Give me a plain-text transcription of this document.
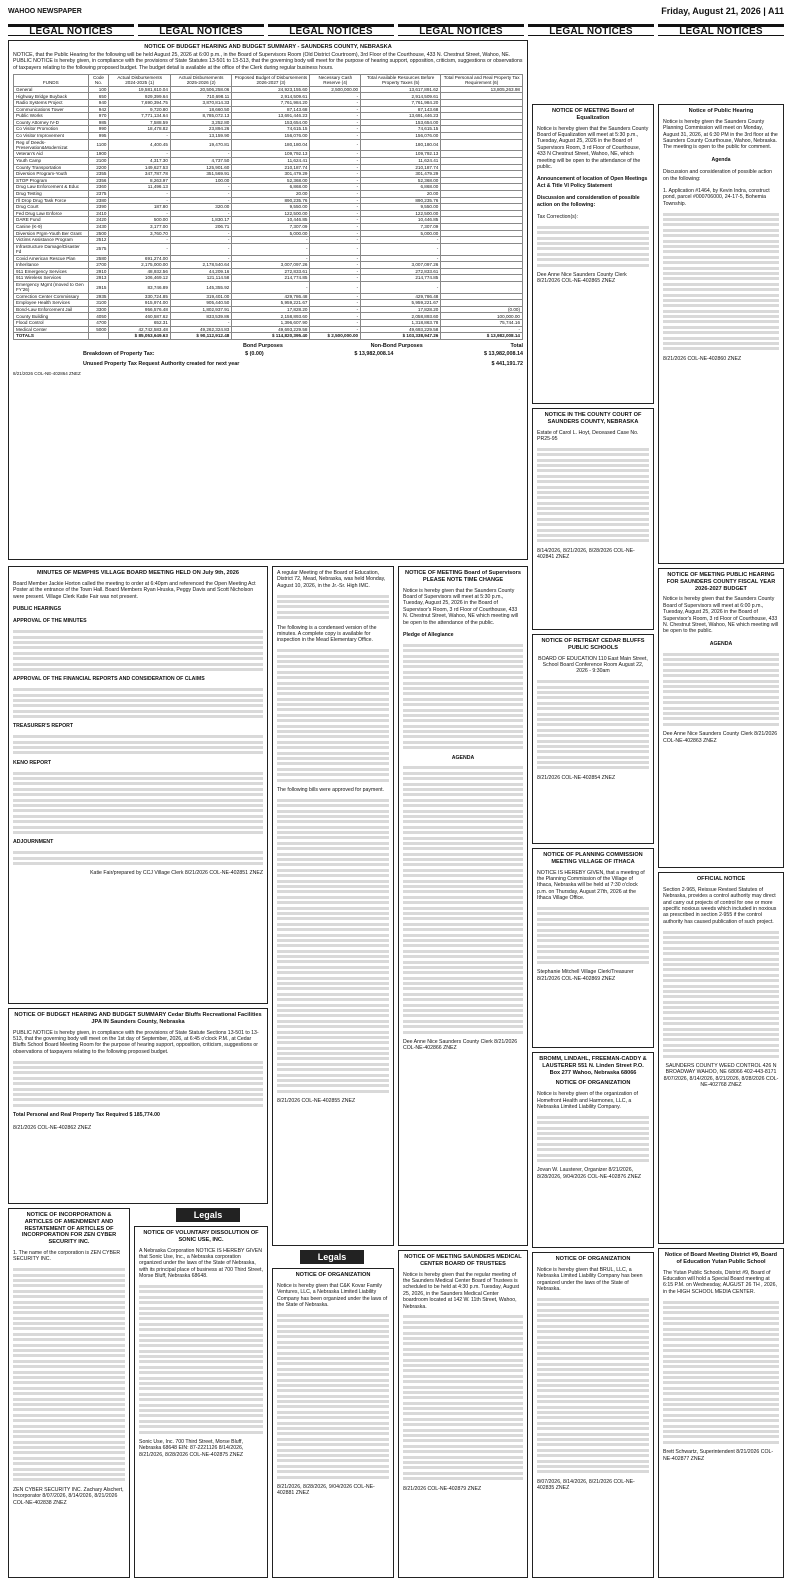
WAHOO NEWSPAPER	Friday, August 21, 2026 | A11
LEGAL NOTICES	LEGAL NOTICES	LEGAL NOTICES	LEGAL NOTICES	LEGAL NOTICES	LEGAL NOTICES
NOTICE OF BUDGET HEARING AND BUDGET SUMMARY - SAUNDERS COUNTY, NEBRASKA
NOTICE, that the Public Hearing for the following will be held August 25, 2026 at 6:00 p.m., in the Board of Supervisors Room (Old District Courtroom), 3rd Floor of the Courthouse, 433 N. Chestnut Street, Wahoo, NE. PUBLIC NOTICE is hereby given, in compliance with the provisions of State Statutes 13-501 to 13-513, that the governing body will meet for the purpose of hearing support, opposition, criticism, suggestions or observations of taxpayers relating to the following proposed budget. The budget detail is available at the office of the Clerk during regular business hours.
FUNDS	Code No.	Actual Disbursements 2024-2025 (1)	Actual Disbursements 2025-2026 (2)	Proposed Budget of Disbursements 2026-2027 (3)	Necessary Cash Reserve (4)	Total Available Resources Before Property Taxes (5)	Total Personal and Real Property Tax Requirement (6)
General	100	19,581,610.04	20,506,258.06	24,923,155.60	2,500,000.00	13,617,891.62	13,805,263.98
Highway Bridge Buyback	650	929,399.64	710,698.11	2,914,509.61	-	2,914,509.61	
Radio Systems Project	940	7,690,394.75	3,870,814.33	7,761,984.20	-	7,761,984.20	
Communications Tower	942	9,720.80	18,660.50	87,143.68	-	87,143.68	
Public Works	970	7,771,134.64	8,785,072.13	13,691,446.23	-	13,691,446.23	
County Attorney IV-D	985	7,588.59	3,252.80	153,654.00	-	153,654.00	
Co Visitor Promotion	990	18,478.82	23,894.26	74,615.15	-	74,615.15	
Co Visitor Improvement	995	-	13,159.90	156,076.00	-	156,076.00	
Reg of Deeds-Preservation&Modernizat	1100	4,400.45	19,470.81	180,180.04	-	180,180.04	
Veteran's Aid	1900	-	-	109,792.13	-	109,792.13	
Youth Camp	2100	4,317.30	4,737.50	11,624.41	-	11,624.41	
County Transportation	2200	149,627.53	125,901.60	210,187.74	-	210,187.74	
Diversion Program-Youth	2355	347,787.78	351,569.91	301,479.29	-	301,479.29	
STOP Program	2356	8,263.97	100.00	52,368.00	-	52,368.00	
Drug Law Enforcement & Educ	2360	11,496.13	-	6,868.00	-	6,868.00	
Drug Testing	2375	-	-	20.00	-	20.00	
I'll Drop Drug Task Force	2380	-	-	890,235.76	-	890,235.76	
Drug Court	2390	187.80	320.00	9,550.00	-	9,550.00	
Fed Drug Law Enforce	2410	-	-	122,500.00	-	122,500.00	
DARE Fund	2420	500.00	1,830.17	10,446.85	-	10,446.85	
Canine (K-9)	2430	3,177.00	206.71	7,307.09	-	7,307.09	
Diversion Prgm-Youth Ber Grant	2500	3,760.70	-	5,000.00	-	5,000.00	
Victims Assistance Program	2512	-	-	-	-	-	
Infrastructure Damage/Disaster Fd	2575	-	-	-	-	-	
Covid American Rescue Plan	2580	691,274.00	-	-	-	-	
Inheritance	2700	2,175,000.00	2,178,540.64	3,007,097.26	-	3,007,097.26	
911 Emergency Services	2910	48,932.56	44,209.16	272,833.61	-	272,833.61	
911 Wireless Services	2913	106,469.12	121,114.58	214,774.85	-	214,774.85	
Emergency Mgmt (moved to Gen FY'26)	2915	83,746.89	145,355.92	-	-	-	
Correction Center Commissary	2935	330,724.85	319,401.00	429,786.48	-	429,786.48	
Employee Health Services	3100	915,974.00	905,440.50	5,959,221.67	-	5,959,221.67	
Bond-Law Enforcement Jail	3300	956,576.48	1,802,937.91	17,828.20	-	17,828.20	(0.00)
County Building	4050	460,587.62	833,539.86	2,158,893.60	-	2,058,893.60	100,000.00
Flood Control	4700	652.31	-	1,396,607.90	-	1,318,863.78	75,744.16
Medical Center	5000	42,742,583.48	49,262,324.83	49,693,229.58	-	49,693,229.58	-
TOTALS		$ 85,053,649.63	$ 90,112,912.48	$ 114,820,395.40	$ 2,500,000.00	$ 103,338,947.26	$ 13,982,008.14
Bond Purposes	Non-Bond Purposes	Total
Breakdown of Property Tax:	$ (0.00)	$ 13,982,008.14	$ 13,982,008.14
Unused Property Tax Request Authority created for next year	$ 441,191.72
8/21/2026 COL-NE-402864 ZNEZ
NOTICE OF MEETING Board of Equalization
Notice is hereby given that the Saunders County Board of Equalization will meet at 5:30 p.m., Tuesday, August 25, 2026 in the Board of Supervisors Room, 3 rd Floor of Courthouse, 433 N Chestnut Street, Wahoo, NE, which meeting will be open to the attendance of the public.
Announcement of location of Open Meetings Act & Title VI Policy Statement
Discussion and consideration of possible action on the following:
Tax Correction(s):
Dee Anne Nice Saunders County Clerk 8/21/2026 COL-NE-402865 ZNEZ
Notice of Public Hearing
Notice is hereby given the Saunders County Planning Commission will meet on Monday, August 31, 2026, at 6:30 PM in the 3rd floor at the Saunders County Courthouse, Wahoo, Nebraska. The meeting is open to the public for comment.
Agenda
Discussion and consideration of possible action on the following:
1. Application #1464, by Kevin Indra, construct pond, parcel #000706000, 24-17-5, Bohemia Township.
8/21/2026 COL-NE-402860 ZNEZ
NOTICE IN THE COUNTY COURT OF SAUNDERS COUNTY, NEBRASKA
Estate of Carol L. Hoyt, Deceased Case No. PR25-95
8/14/2026, 8/21/2026, 8/28/2026 COL-NE-402841 ZNEZ
MINUTES OF MEMPHIS VILLAGE BOARD MEETING HELD ON July 9th, 2026
Board Member Jackie Horton called the meeting to order at 6:40pm and referenced the Open Meeting Act Poster at the entrance of the Town Hall. Board Members Ryan Hruska, Peggy Davis and Scott Nicholson were present. Village Clerk Katie Fair was not present.
PUBLIC HEARINGS
APPROVAL OF THE MINUTES
APPROVAL OF THE FINANCIAL REPORTS AND CONSIDERATION OF CLAIMS
TREASURER'S REPORT
KENO REPORT
ADJOURNMENT
Katie Fair/prepared by CCJ Village Clerk 8/21/2026 COL-NE-402851 ZNEZ
NOTICE OF BUDGET HEARING AND BUDGET SUMMARY Cedar Bluffs Recreational Facilities JPA IN Saunders County, Nebraska
PUBLIC NOTICE is hereby given, in compliance with the provisions of State Statute Sections 13-501 to 13-513, that the governing body will meet on the 1st day of September, 2026, at 6:45 o'clock P.M., at Cedar Bluffs School Board Meeting Room for the purpose of hearing support, opposition, criticism, suggestions or observations of taxpayers relating to the following proposed budget.
Total Personal and Real Property Tax Required $ 185,774.00
8/21/2026 COL-NE-402862 ZNEZ
A regular Meeting of the Board of Education, District 72, Mead, Nebraska, was held Monday, August 10, 2026, in the Jr.-Sr. High IMC.
The following is a condensed version of the minutes. A complete copy is available for inspection in the Mead Elementary Office.
The following bills were approved for payment.
8/21/2026 COL-NE-402855 ZNEZ
NOTICE OF MEETING Board of Supervisors PLEASE NOTE TIME CHANGE
Notice is hereby given that the Saunders County Board of Supervisors will meet at 5:30 p.m., Tuesday, August 25, 2026 in the Board of Supervisor's Room, 3 rd Floor of Courthouse, 433 N. Chestnut Street, Wahoo, NE which meeting will be open to the attendance of the public.
Pledge of Allegiance
AGENDA
Dee Anne Nice Saunders County Clerk 8/21/2026 COL-NE-402866 ZNEZ
NOTICE OF RETREAT CEDAR BLUFFS PUBLIC SCHOOLS
BOARD OF EDUCATION 110 East Main Street, School Board Conference Room August 22, 2026 - 9:30am
8/21/2026 COL-NE-402854 ZNEZ
NOTICE OF MEETING PUBLIC HEARING FOR SAUNDERS COUNTY FISCAL YEAR 2026-2027 BUDGET
Notice is hereby given that the Saunders County Board of Supervisors will meet at 6:00 p.m., Tuesday, August 25, 2026 in the Board of Supervisor's Room, 3 rd Floor of Courthouse, 433 N. Chestnut Street, Wahoo, NE which meeting will be open to the public.
AGENDA
Dee Anne Nice Saunders County Clerk 8/21/2026 COL-NE-402863 ZNEZ
NOTICE OF PLANNING COMMISSION MEETING VILLAGE OF ITHACA
NOTICE IS HEREBY GIVEN, that a meeting of the Planning Commission of the Village of Ithaca, Nebraska will be held at 7:30 o'clock p.m. on Thursday, August 27th, 2026 at the Ithaca Village Office.
Stephanie Mitchell Village Clerk/Treasurer 8/21/2026 COL-NE-402869 ZNEZ
OFFICIAL NOTICE
Section 2-965, Reissue Revised Statutes of Nebraska, provides a control authority may direct and carry out projects of control for one or more specific noxious weeds which included in noxious as prescribed in section 2-955 if the control authority has caused publication of such project.
SAUNDERS COUNTY WEED CONTROL 426 N BROADWAY WAHOO, NE 68066 402-443-8171 8/07/2026, 8/14/2026, 8/21/2026, 8/28/2026 COL-NE-402768 ZNEZ
BROMM, LINDAHL, FREEMAN-CADDY & LAUSTERER 551 N. Linden Street P.O. Box 277 Wahoo, Nebraska 68066
NOTICE OF ORGANIZATION
Notice is hereby given of the organization of Homefront Health and Harmones, LLC, a Nebraska Limited Liability Company.
Jovan W. Lausterer, Organizer 8/21/2026, 8/28/2026, 9/04/2026 COL-NE-402876 ZNEZ
NOTICE OF INCORPORATION & ARTICLES OF AMENDMENT AND RESTATEMENT OF ARTICLES OF INCORPORATION FOR ZEN CYBER SECURITY INC.
1. The name of the corporation is ZEN CYBER SECURITY INC.
ZEN CYBER SECURITY INC. Zachary Alschert, Incorporator 8/07/2026, 8/14/2026, 8/21/2026 COL-NE-402838 ZNEZ
Legals
NOTICE OF VOLUNTARY DISSOLUTION OF SONIC USE, INC.
A Nebraska Corporation NOTICE IS HEREBY GIVEN that Sonic Use, Inc., a Nebraska corporation organized under the laws of the State of Nebraska, with its principal place of business at 700 Third Street, Morse Bluff, Nebraska 68648.
Sonic Use, Inc. 700 Third Street, Morse Bluff, Nebraska 68648 EIN: 87-2221126 8/14/2026, 8/21/2026, 8/28/2026 COL-NE-402875 ZNEZ
Legals
NOTICE OF ORGANIZATION
Notice is hereby given that C&K Kovar Family Ventures, LLC, a Nebraska Limited Liability Company has been organized under the laws of the State of Nebraska.
8/21/2026, 8/28/2026, 9/04/2026 COL-NE-402881 ZNEZ
NOTICE OF MEETING SAUNDERS MEDICAL CENTER BOARD OF TRUSTEES
Notice is hereby given that the regular meeting of the Saunders Medical Center Board of Trustees is scheduled to be held at 4:30 p.m. Tuesday, August 25, 2026, in the Saunders Medical Center boardroom located at 142 W. 11th Street, Wahoo, Nebraska.
8/21/2026 COL-NE-402879 ZNEZ
NOTICE OF ORGANIZATION
Notice is hereby given that BRUL, LLC, a Nebraska Limited Liability Company has been organized under the laws of the State of Nebraska.
8/07/2026, 8/14/2026, 8/21/2026 COL-NE-402835 ZNEZ
Notice of Board Meeting District #9, Board of Education Yutan Public School
The Yutan Public Schools, District #9, Board of Education will hold a Special Board meeting at 6:15 P.M. on Wednesday, AUGUST 26 TH , 2026, in the HIGH SCHOOL MEDIA CENTER.
Brett Schwartz, Superintendent 8/21/2026 COL-NE-402877 ZNEZ
